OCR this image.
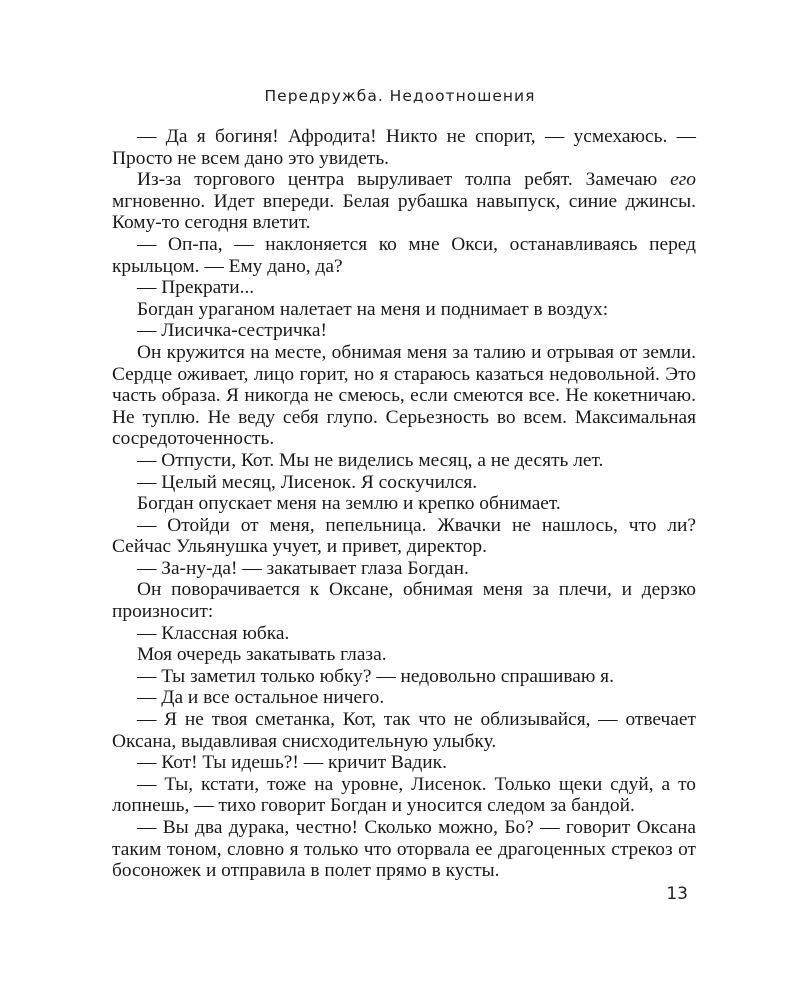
Передружба. Недоотношения

— Да я богиня! Афродита! Никто не спорит, — усмехаюсь. — Просто не всем дано это увидеть.

Из-за торгового центра выруливает толпа ребят. Замечаю его мгновенно. Идет впереди. Белая рубашка навыпуск, синие джинсы. Кому-то сегодня влетит.

— Оп-па, — наклоняется ко мне Окси, останавливаясь перед крыльцом. — Ему дано, да?

— Прекрати...

Богдан ураганом налетает на меня и поднимает в воздух:

— Лисичка-сестричка!

Он кружится на месте, обнимая меня за талию и отрывая от земли. Сердце оживает, лицо горит, но я стараюсь казаться недовольной. Это часть образа. Я никогда не смеюсь, если смеются все. Не кокетничаю. Не туплю. Не веду себя глупо. Серьезность во всем. Максимальная сосредоточенность.

— Отпусти, Кот. Мы не виделись месяц, а не десять лет.

— Целый месяц, Лисенок. Я соскучился.

Богдан опускает меня на землю и крепко обнимает.

— Отойди от меня, пепельница. Жвачки не нашлось, что ли? Сейчас Ульянушка учует, и привет, директор.

— За-ну-да! — закатывает глаза Богдан.

Он поворачивается к Оксане, обнимая меня за плечи, и дерзко произносит:

— Классная юбка.

Моя очередь закатывать глаза.

— Ты заметил только юбку? — недовольно спрашиваю я.

— Да и все остальное ничего.

— Я не твоя сметанка, Кот, так что не облизывайся, — отвечает Оксана, выдавливая снисходительную улыбку.

— Кот! Ты идешь?! — кричит Вадик.

— Ты, кстати, тоже на уровне, Лисенок. Только щеки сдуй, а то лопнешь, — тихо говорит Богдан и уносится следом за бандой.

— Вы два дурака, честно! Сколько можно, Бо? — говорит Оксана таким тоном, словно я только что оторвала ее драгоценных стрекоз от босоножек и отправила в полет прямо в кусты.

13
